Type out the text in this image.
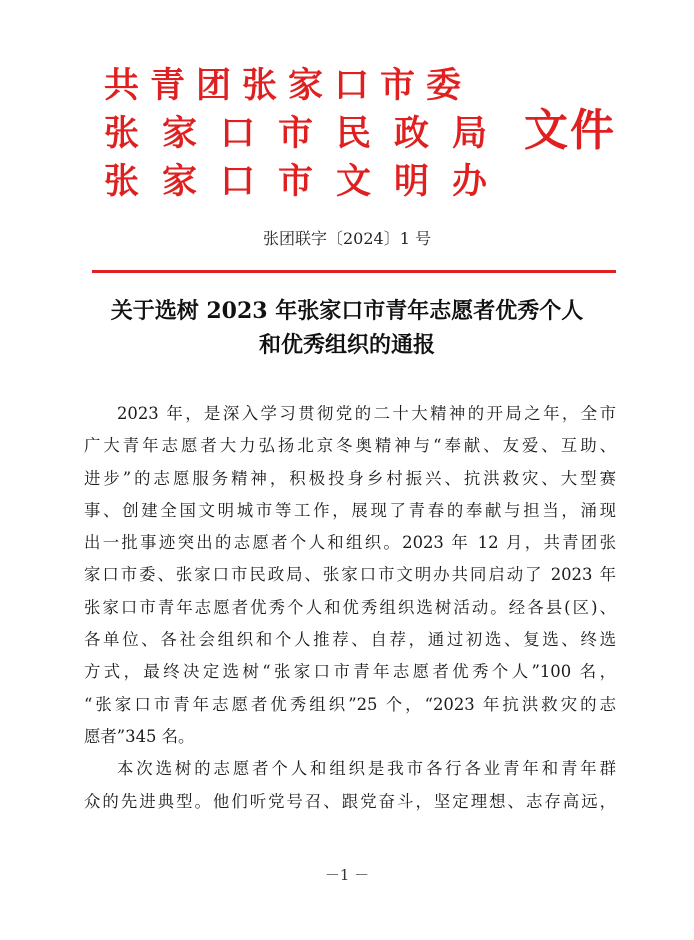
共青团张家口市委
张家口市民政局
张家口市文明办
文件
张团联字〔2024〕1 号
关于选树 2023 年张家口市青年志愿者优秀个人
和优秀组织的通报
2023 年，是深入学习贯彻党的二十大精神的开局之年，全市
广大青年志愿者大力弘扬北京冬奥精神与“奉献、友爱、互助、
进步”的志愿服务精神，积极投身乡村振兴、抗洪救灾、大型赛
事、创建全国文明城市等工作，展现了青春的奉献与担当，涌现
出一批事迹突出的志愿者个人和组织。2023 年 12 月，共青团张
家口市委、张家口市民政局、张家口市文明办共同启动了 2023 年
张家口市青年志愿者优秀个人和优秀组织选树活动。经各县(区)、
各单位、各社会组织和个人推荐、自荐，通过初选、复选、终选
方式，最终决定选树“张家口市青年志愿者优秀个人”100 名，
“张家口市青年志愿者优秀组织”25 个，“2023 年抗洪救灾的志
愿者”345 名。
本次选树的志愿者个人和组织是我市各行各业青年和青年群
众的先进典型。他们听党号召、跟党奋斗，坚定理想、志存高远，
－1 －
